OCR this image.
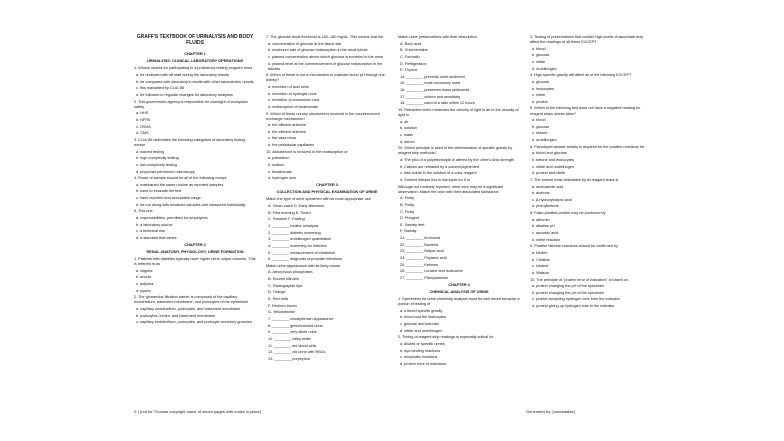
GRAFF'S TEXTBOOK OF URINALYSIS AND BODY FLUIDS
CHAPTER 1
URINALYSIS: CLINICAL LABORATORY OPERATIONS

1. Whose shares for participating in a proficiency testing program must

a. be reviewed with all staff during the laboratory results

b. be compared with laboratory's results with other laboratories' results

c. this mandated by CLIA '88

d. be followed to regulate changes for laboratory analyses

2. This government agency is responsible for oversight of workplace safety

a. HHS

b. NFPA

c. OSHA

d. CMS

3. CLIA '88 delineates the following categories of laboratory testing except

a. waived testing

b. high-complexity testing

c. low-complexity testing

d. physician-performed microscopy

4. Route of sample should be all of the following except

a. maintained the same routine as reported samples

b. used to evaluate the test

c. have reported and acceptable range

d. be run along with unvalued samples and measured individually

5. This one

a. responsibilities, permitted for employees

b. a laboratory source

c. a technical risk

d. a standard that varies

CHAPTER 2
RENAL ANATOMY, PHYSIOLOGY, URINE FORMATION

1. Patients with diabetes typically have higher urine output volumes. This is referred to as

a. oliguria

b. anuria

c. polyuria

d. pyuria

2. The glomerular filtration barrier is composed of the capillary endothelium, basement membrane, and podocytes of the epithelium

a. capillary endothelium, podocytes, and basement membrane

b. podocytes, lumen, and basement membrane

c. capillary endothelium, podocytes, and podocyte secretory granules

7. The glucose renal threshold is 160–180 mg/dL. This means that the

a. concentration of glucose at the tissue site

b. maximum rate of glucose reabsorption in the renal tubule

c. plasma concentration above which glucose is excreted in the urine

d. plasma level at the commencement of glucose reabsorption in the tubules

8. Which of these is not a mechanism to maintain blood pH through the kidney?

a. excretion of acid urine

b. excretion of hydrogen ions

c. excretion of ammonium ions

d. reabsorption of bicarbonate

9. Which of these urinary structures is involved in the countercurrent exchange mechanism?

a. the afferent arteriole

b. the efferent arteriole

c. the vasa recta

d. the peritubular capillaries

10. Aldosterone is involved in the reabsorption of

a. potassium

b. sodium

c. bicarbonate

d. hydrogen ions

CHAPTER 3
COLLECTION AND PHYSICAL EXAMINATION OF URINE

Match the type of urine specimen with its most appropriate use

A. Clean-catch D. Early afternoon

B. First morning E. Timed

C. Random F. Fasting

1. ________ routine urinalysis

2. ________ diabetic screening

3. ________ urobilinogen quantitation

4. ________ screening for infection

5. ________ measurement of creatinine

6. ________ diagnosis of prostate infections

Match urine appearance with its likely cause

A. Amorphous phosphates

B. Excess bilirubin

C. Radiographic dye

D. Orange

E. Red cells

F. Red/red-brown

G. Yellow/brown

7. ________ cloudy/brown appearance

8. ________ green/colored urine

9. ________ very dilute urine

10. ________ milky white

11. ________ red blood cells

12. ________ old urine with RBCs

13. ________ porphyrins

Match urine preservatives with their description

A. Boric acid

B. Chlorhexidine

C. Formalin

D. Refrigeration

E. Thymol

14. ________ prevents urine sediment

15. ________ most commonly used

16. ________ preserves mass sediments

17. ________ culture and sensitivity

18. ________ used at a ratio within 12 hours

19. Refractive index measures the velocity of light in air to the velocity of light in

a. air

b. solution

c. water

d. serum

20. Which principle is used in the determination of specific gravity by reagent strip methods?

a. The pKa of a polyelectrolyte is altered by the urine's ionic strength

b. Cations are released by a solvent/pigmented

c. less solute in the solution of a color reagent

d. Solvent release this is low liquid for 5 m

Although not routinely reported, urine odor may be a significant observation. Match the odor with their associated substance.

A. Fruity

B. Fruity

C. Fruity

D. Pungent

E. Sweaty feet

F. Sweaty

21. ________ Ammonia

22. ________ Bacteria

23. ________ Butyric acid

24. ________ Phytanic acid

25. ________ Ketones

26. ________ Leucine and isoleucine

27. ________ Phenylalanine

CHAPTER 4
CHEMICAL ANALYSIS OF URINE

1. Specimens for urine chemistry analysis must be well mixed because a portion of testing of

a. a timed specific gravity

b. blood and the leukocytes

c. glucose and ketones

d. nitrite and urobilinogen

2. Timing of reagent strip readings is especially critical for

a. diluted or specific urines

b. dye-binding reactions

c. enzymatic reactions

d. protein error of indicators

3. Testing of preservatives that contain high levels of ascorbate may affect the readings of all these EXCEPT

a. blood

b. glucose

c. nitrite

d. urobilinogen

4. High specific gravity will affect all of the following EXCEPT

a. glucose

b. leukocytes

c. nitrite

d. protein

5. Which of the following test does not have a negative reading on reagent strips unless false?

a. blood

b. glucose

c. ketone

d. urobilinogen

6. Pseudoperoxidase activity is required for the positive reactions for

a. blood and glucose

b. ketone and leukocytes

c. nitrite and urobilinogen

d. protein and nitrite

7. The ketone most detectable by all reagent strips is

a. acetoacetic acid

b. acetone

c. β-hydroxybutyric acid

d. phenylketone

8. False-positive protein may be produced by

a. albumin

b. alkaline pH

c. ascorbic acid

d. nitrite reaction

9. Positive bilirubin reactions should be confirmed by

a. Bioflex

b. Clinitest

c. Ictotest

d. Watson

10. The principle of "protein error of indicators" is based on

a. protein changing the pH of the specimen

b. protein changing the pH of the specimen

c. protein accepting hydrogen ions from the indicator

d. protein giving up hydrogen ions to the indicator

© | [not for Thomas copyright name of whom pages with notice in place]	Generated by: [unreadable]
